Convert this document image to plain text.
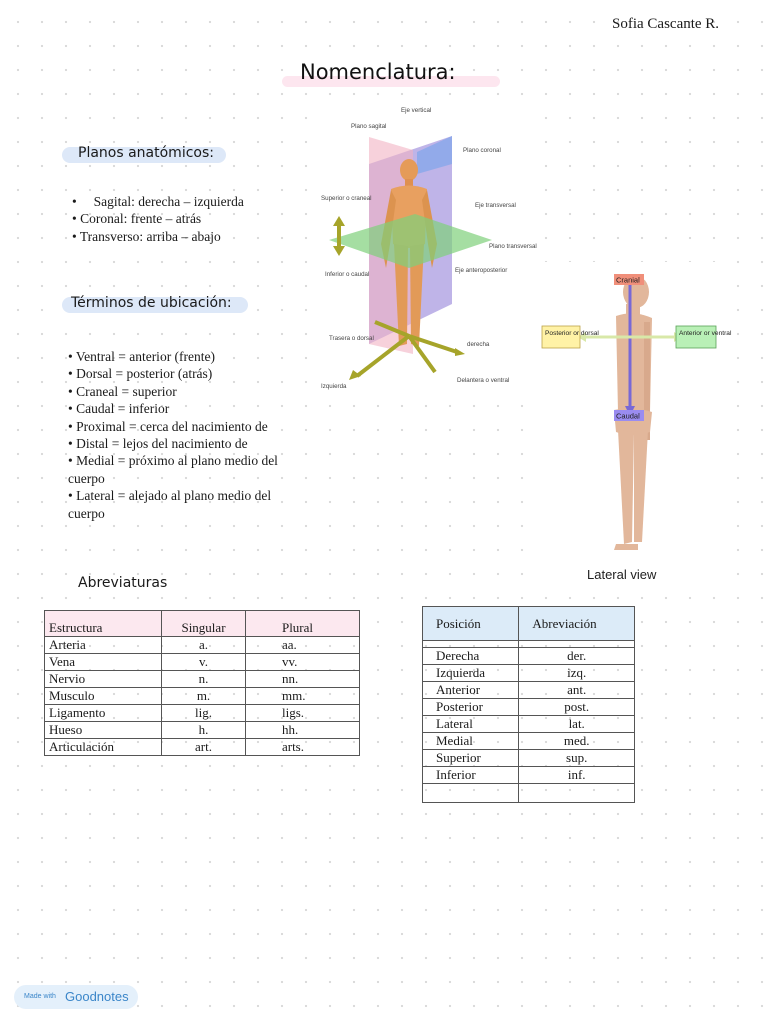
Sofia Cascante R.
Nomenclatura:
Planos anatómicos:
•     Sagital: derecha – izquierda
• Coronal: frente – atrás
• Transverso: arriba – abajo
Términos de ubicación:
• Ventral = anterior (frente)
• Dorsal = posterior (atrás)
• Craneal = superior
• Caudal = inferior
• Proximal = cerca del nacimiento de
• Distal = lejos del nacimiento de
• Medial = próximo al plano medio del cuerpo
• Lateral = alejado al plano medio del cuerpo
Eje vertical
Plano sagital
Plano coronal
Superior o craneal
Eje transversal
Plano transversal
Eje anteroposterior
Inferior o caudal
Trasera o dorsal
derecha
Izquierda
Delantera o ventral
Cranial
Caudal
Posterior or dorsal	Anterior or ventral
Lateral view
Abreviaturas
Estructura	Singular	Plural
Arteria	a.	aa.
Vena	v.	vv.
Nervio	n.	nn.
Musculo	m.	mm.
Ligamento	lig.	ligs.
Hueso	h.	hh.
Articulación	art.	arts.
Posición	Abreviación

Derecha	der.
Izquierda	izq.
Anterior	ant.
Posterior	post.
Lateral	lat.
Medial	med.
Superior	sup.
Inferior	inf.

Made with Goodnotes
